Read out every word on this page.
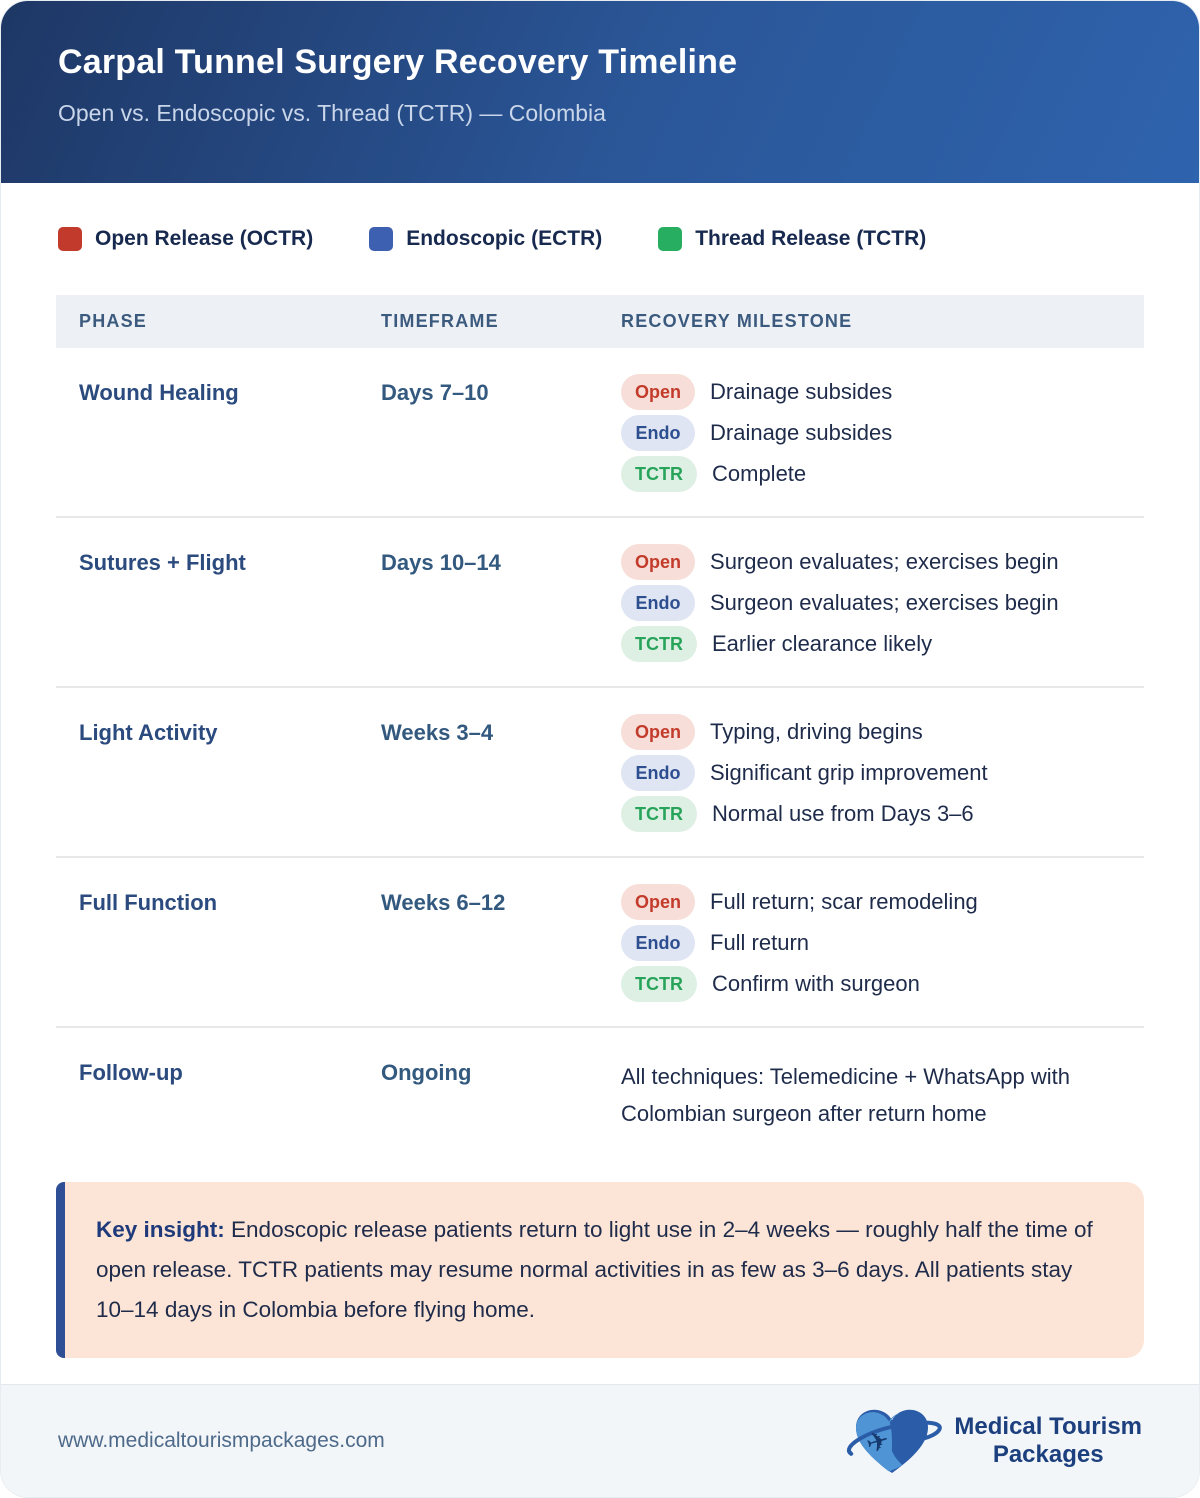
Carpal Tunnel Surgery Recovery Timeline

Open vs. Endoscopic vs. Thread (TCTR) — Colombia

Open Release (OCTR)	Endoscopic (ECTR)	Thread Release (TCTR)
PHASE	TIMEFRAME	RECOVERY MILESTONE
Wound Healing	Days 7–10	Open	Drainage subsides
Endo	Drainage subsides
TCTR	Complete
Sutures + Flight	Days 10–14	Open	Surgeon evaluates; exercises begin
Endo	Surgeon evaluates; exercises begin
TCTR	Earlier clearance likely
Light Activity	Weeks 3–4	Open	Typing, driving begins
Endo	Significant grip improvement
TCTR	Normal use from Days 3–6
Full Function	Weeks 6–12	Open	Full return; scar remodeling
Endo	Full return
TCTR	Confirm with surgeon
Follow-up	Ongoing	All techniques: Telemedicine + WhatsApp with Colombian surgeon after return home

Key insight: Endoscopic release patients return to light use in 2–4 weeks — roughly half the time of open release. TCTR patients may resume normal activities in as few as 3–6 days. All patients stay 10–14 days in Colombia before flying home.

www.medicaltourismpackages.com	✈	Medical Tourism
Packages
